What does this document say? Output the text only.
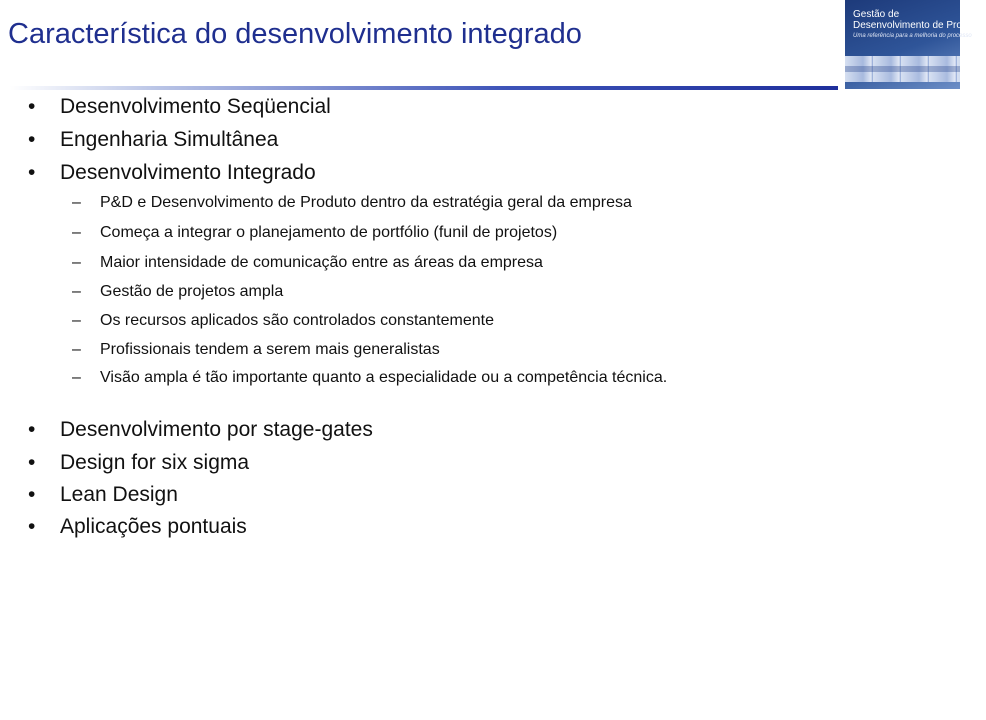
Característica do desenvolvimento integrado
Gestão de
Desenvolvimento de Produtos
Uma referência para a melhoria do processo
•	Desenvolvimento Seqüencial
•	Engenharia Simultânea
•	Desenvolvimento Integrado
– P&D e Desenvolvimento de Produto dentro da estratégia geral da empresa
– Começa a integrar o planejamento de portfólio (funil de projetos)
– Maior intensidade de comunicação entre as áreas da empresa
– Gestão de projetos ampla
– Os recursos aplicados são controlados constantemente
– Profissionais tendem a serem mais generalistas
– Visão ampla é tão importante quanto a especialidade ou a competência técnica.
•	Desenvolvimento por stage-gates
•	Design for six sigma
•	Lean Design
•	Aplicações pontuais
